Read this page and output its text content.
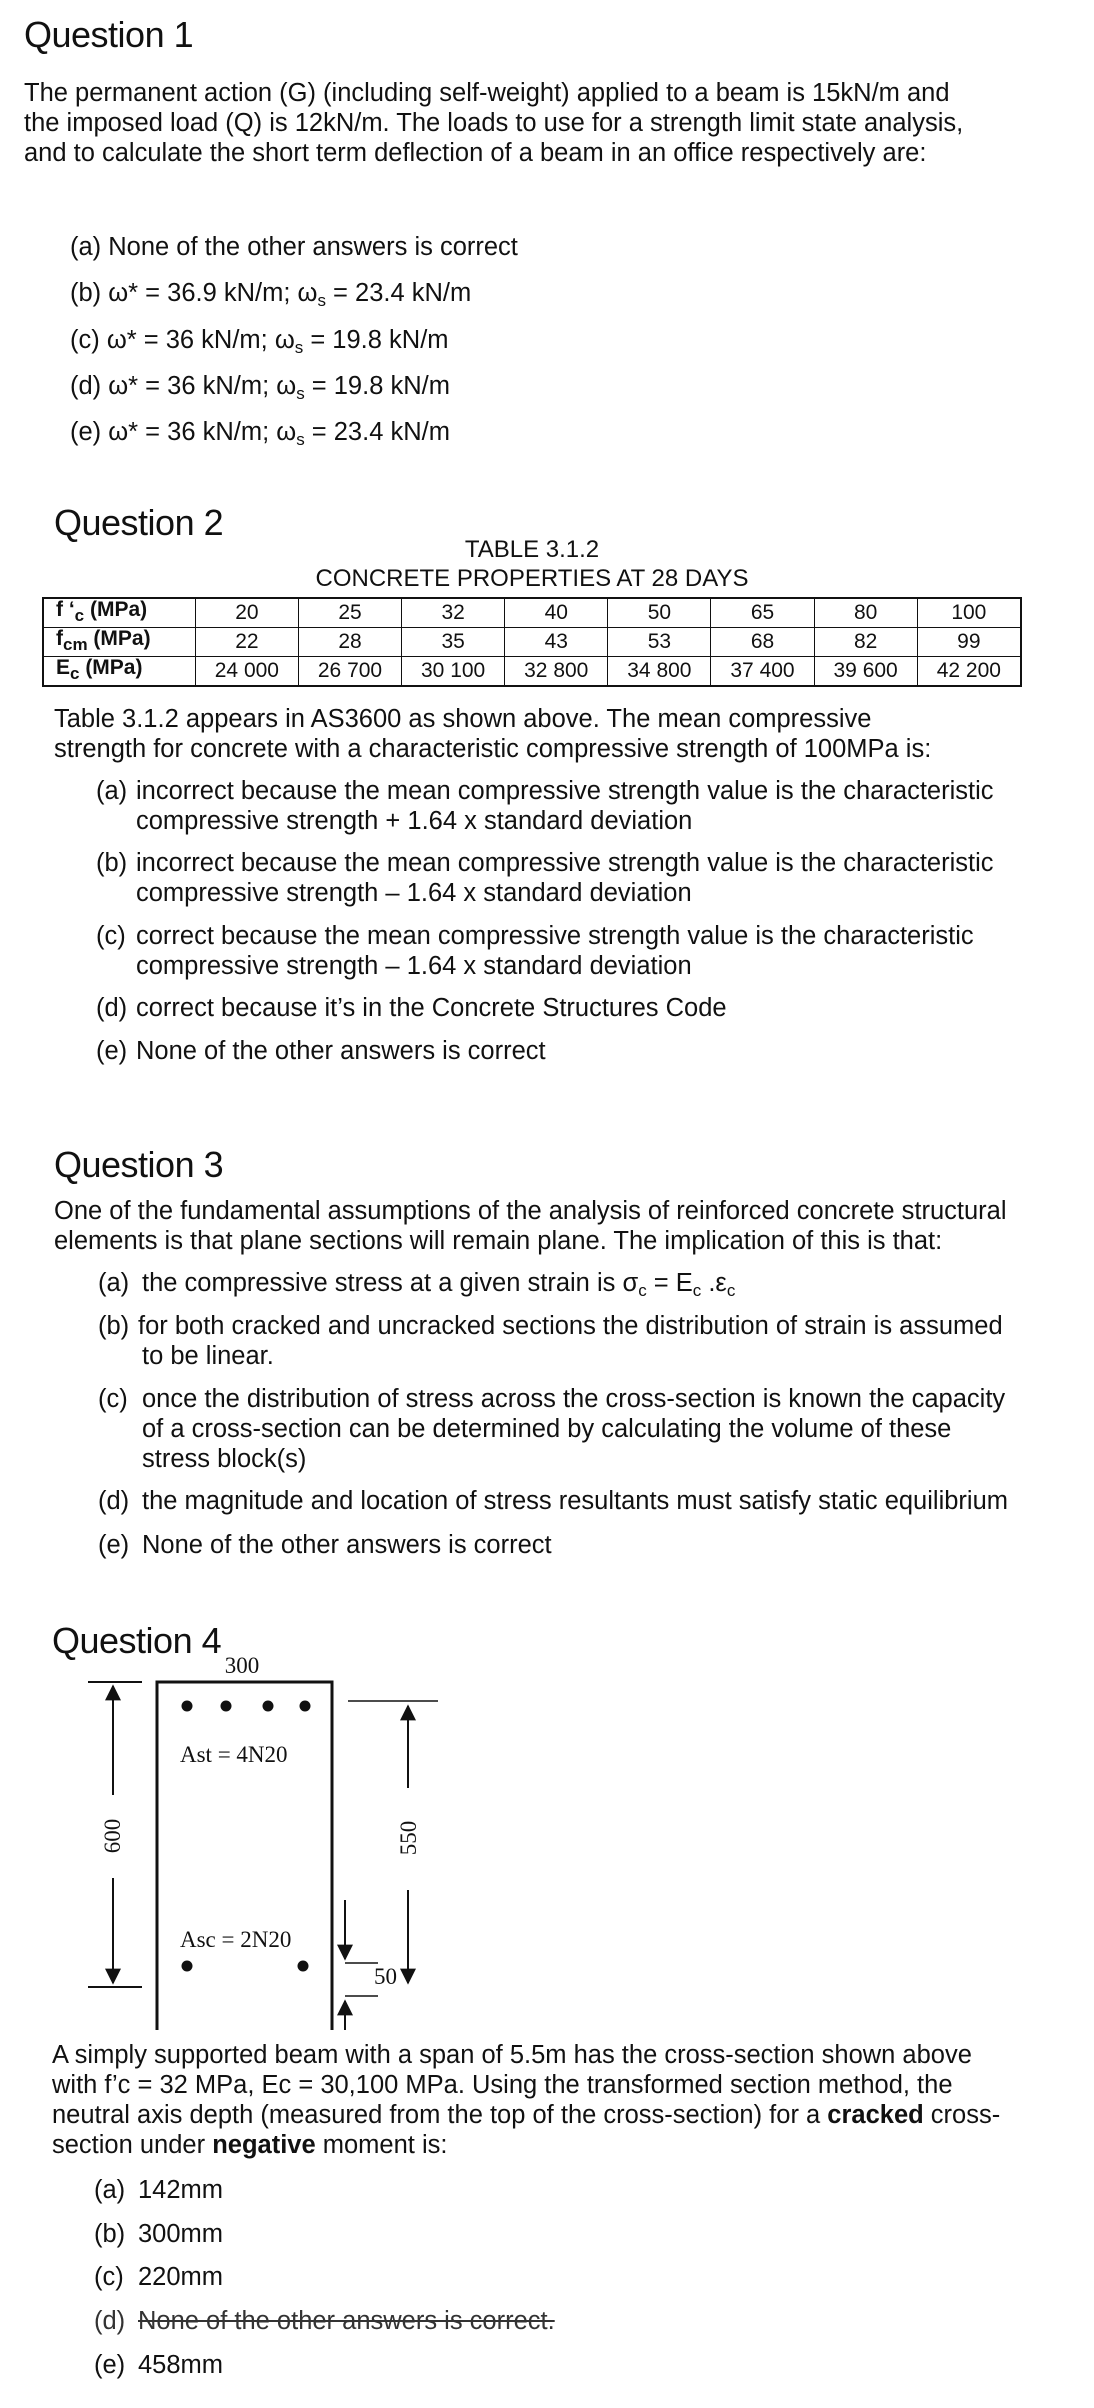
Question 1
The permanent action (G) (including self-weight) applied to a beam is 15kN/m and
the imposed load (Q) is 12kN/m. The loads to use for a strength limit state analysis,
and to calculate the short term deflection of a beam in an office respectively are:
(a) None of the other answers is correct
(b) ω* = 36.9 kN/m; $\omega_s = 23.4$ kN/m
(c) ω* = 36 kN/m; $\omega_s = 19.8$ kN/m
(d) ω* = 36 kN/m; $\omega_s = 19.8$ kN/m
(e) ω* = 36 kN/m; $\omega_s = 23.4$ kN/m
Question 2
TABLE 3.1.2
CONCRETE PROPERTIES AT 28 DAYS
f ‘$_c$ (MPa)	20	25	32	40	50	65	80	100
$f_{cm}$ (MPa)	22	28	35	43	53	68	82	99
$E_c$ (MPa)	24 000	26 700	30 100	32 800	34 800	37 400	39 600	42 200
Table 3.1.2 appears in AS3600 as shown above. The mean compressive
strength for concrete with a characteristic compressive strength of 100MPa is:
(a) incorrect because the mean compressive strength value is the characteristic
compressive strength + 1.64 x standard deviation
(b) incorrect because the mean compressive strength value is the characteristic
compressive strength – 1.64 x standard deviation
(c) correct because the mean compressive strength value is the characteristic
compressive strength – 1.64 x standard deviation
(d) correct because it’s in the Concrete Structures Code
(e) None of the other answers is correct
Question 3
One of the fundamental assumptions of the analysis of reinforced concrete structural
elements is that plane sections will remain plane. The implication of this is that:
(a) the compressive stress at a given strain is $\sigma_c = E_c$ $.\varepsilon_c$
(b) for both cracked and uncracked sections the distribution of strain is assumed
to be linear.
(c) once the distribution of stress across the cross-section is known the capacity
of a cross-section can be determined by calculating the volume of these
stress block(s)
(d) the magnitude and location of stress resultants must satisfy static equilibrium
(e) None of the other answers is correct
Question 4
300
Ast = 4N20
Asc = 2N20
600	550
50
A simply supported beam with a span of 5.5m has the cross-section shown above
with f’c = 32 MPa, Ec = 30,100 MPa. Using the transformed section method, the
neutral axis depth (measured from the top of the cross-section) for a cracked cross-
section under negative moment is:
(a) 142mm
(b) 300mm
(c) 220mm
(d) None of the other answers is correct.
(e) 458mm
